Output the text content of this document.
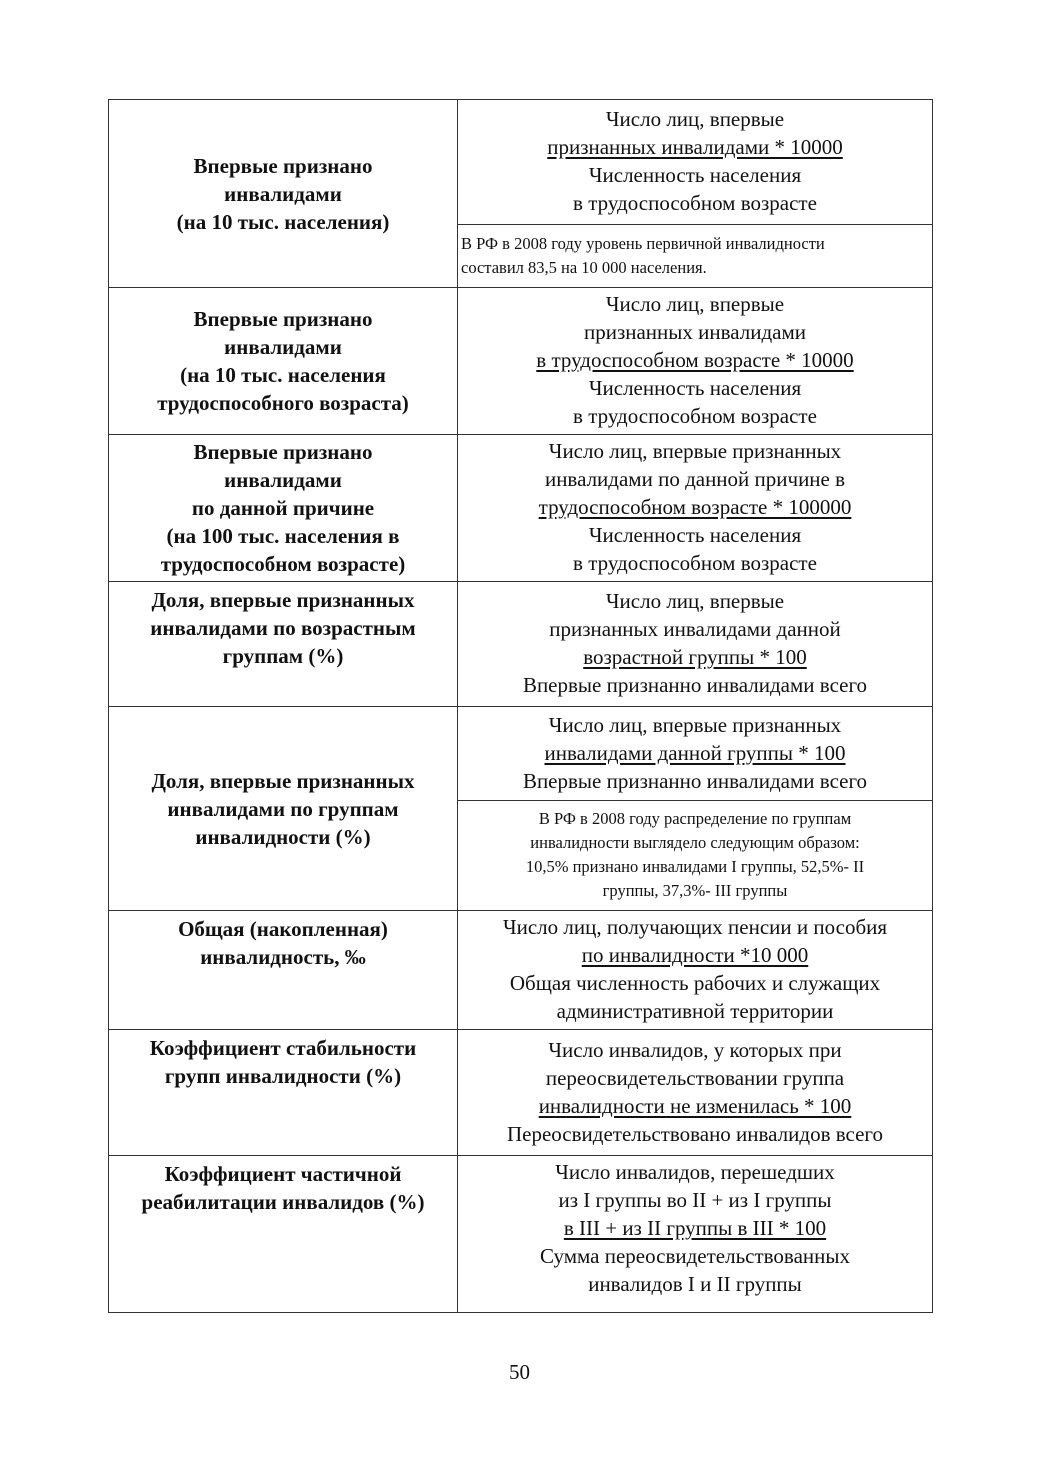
Впервые признано
инвалидами
(на 10 тыс. населения)	Число лиц, впервые
признанных инвалидами * 10000
Численность населения
в трудоспособном возрасте

	В РФ в 2008 году уровень первичной инвалидности
составил 83,5 на 10 000 населения.

Впервые признано
инвалидами
(на 10 тыс. населения
трудоспособного возраста)	Число лиц, впервые
признанных инвалидами
в трудоспособном возрасте * 10000
Численность населения
в трудоспособном возрасте

Впервые признано
инвалидами
по данной причине
(на 100 тыс. населения в
трудоспособном возрасте)	Число лиц, впервые признанных
инвалидами по данной причине в
трудоспособном возрасте * 100000
Численность населения
в трудоспособном возрасте

Доля, впервые признанных
инвалидами по возрастным
группам (%)	Число лиц, впервые
признанных инвалидами данной
возрастной группы * 100
Впервые признанно инвалидами всего

Доля, впервые признанных
инвалидами по группам
инвалидности (%)	Число лиц, впервые признанных
инвалидами данной группы * 100
Впервые признанно инвалидами всего

	В РФ в 2008 году распределение по группам
инвалидности выглядело следующим образом:
10,5% признано инвалидами I группы, 52,5%- II
группы, 37,3%- III группы

Общая (накопленная)
инвалидность, ‰	Число лиц, получающих пенсии и пособия
по инвалидности *10 000
Общая численность рабочих и служащих
административной территории

Коэффициент стабильности
групп инвалидности (%)	Число инвалидов, у которых при
переосвидетельствовании группа
инвалидности не изменилась * 100
Переосвидетельствовано инвалидов всего

Коэффициент частичной
реабилитации инвалидов (%)	Число инвалидов, перешедших
из I группы во II + из I группы
в III + из II группы в III * 100
Сумма переосвидетельствованных
инвалидов I и II группы
50
